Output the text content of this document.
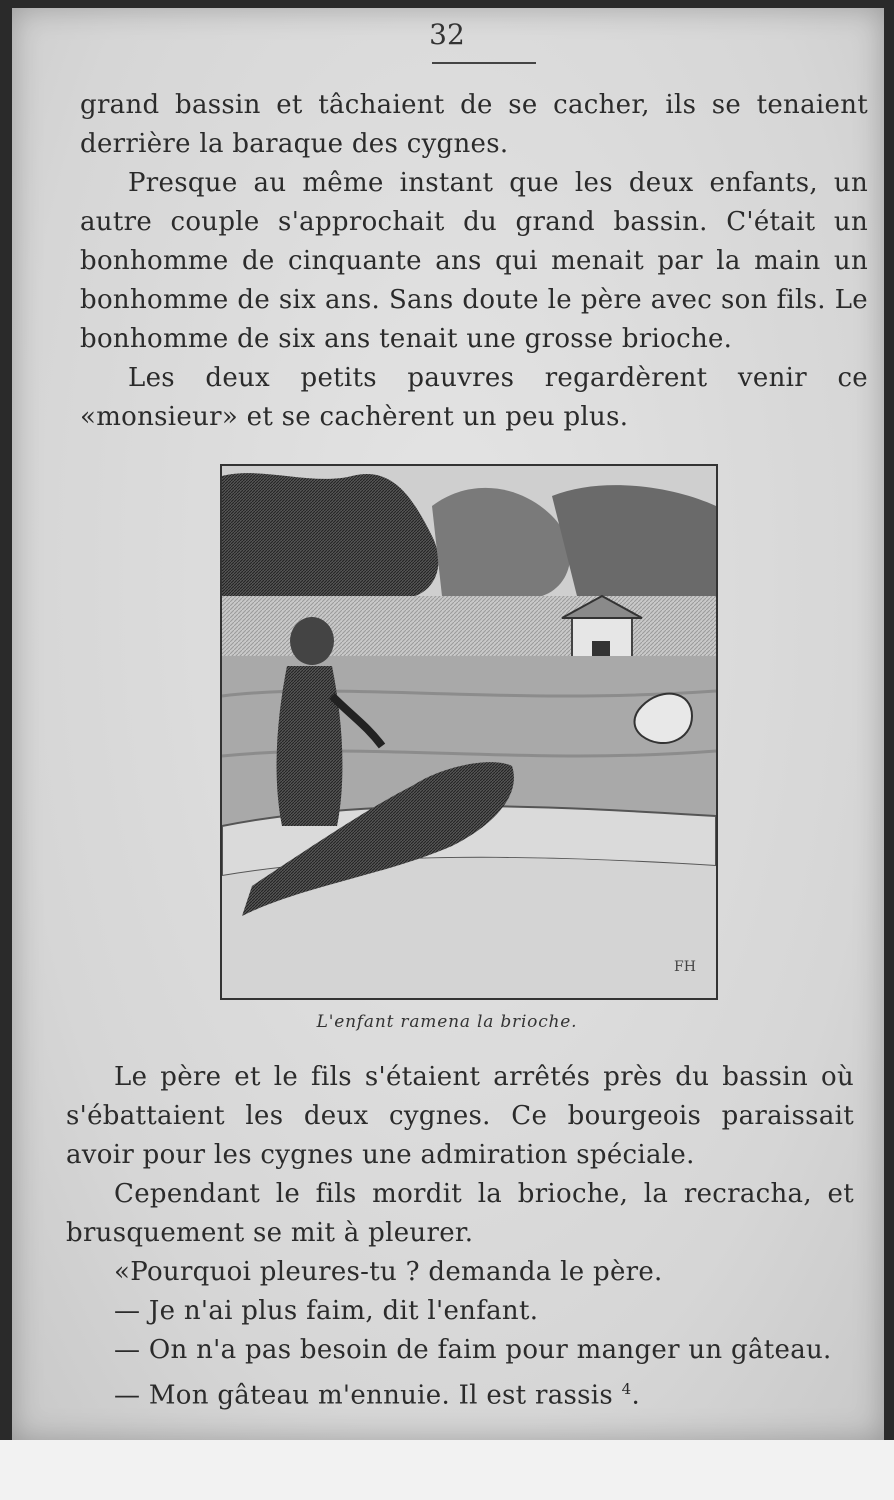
32

grand bassin et tâchaient de se cacher, ils se tenaient derrière la baraque des cygnes.

Presque au même instant que les deux enfants, un autre couple s'approchait du grand bassin. C'était un bonhomme de cinquante ans qui menait par la main un bonhomme de six ans. Sans doute le père avec son fils. Le bonhomme de six ans tenait une grosse brioche.

Les deux petits pauvres regardèrent venir ce «monsieur» et se cachèrent un peu plus.

FH
L'enfant ramena la brioche.

Le père et le fils s'étaient arrêtés près du bassin où s'ébattaient les deux cygnes. Ce bourgeois paraissait avoir pour les cygnes une admiration spéciale.

Cependant le fils mordit la brioche, la recracha, et brusquement se mit à pleurer.

«Pourquoi pleures-tu ? demanda le père.

— Je n'ai plus faim, dit l'enfant.

— On n'a pas besoin de faim pour manger un gâteau.

— Mon gâteau m'ennuie. Il est rassis $^4$.
